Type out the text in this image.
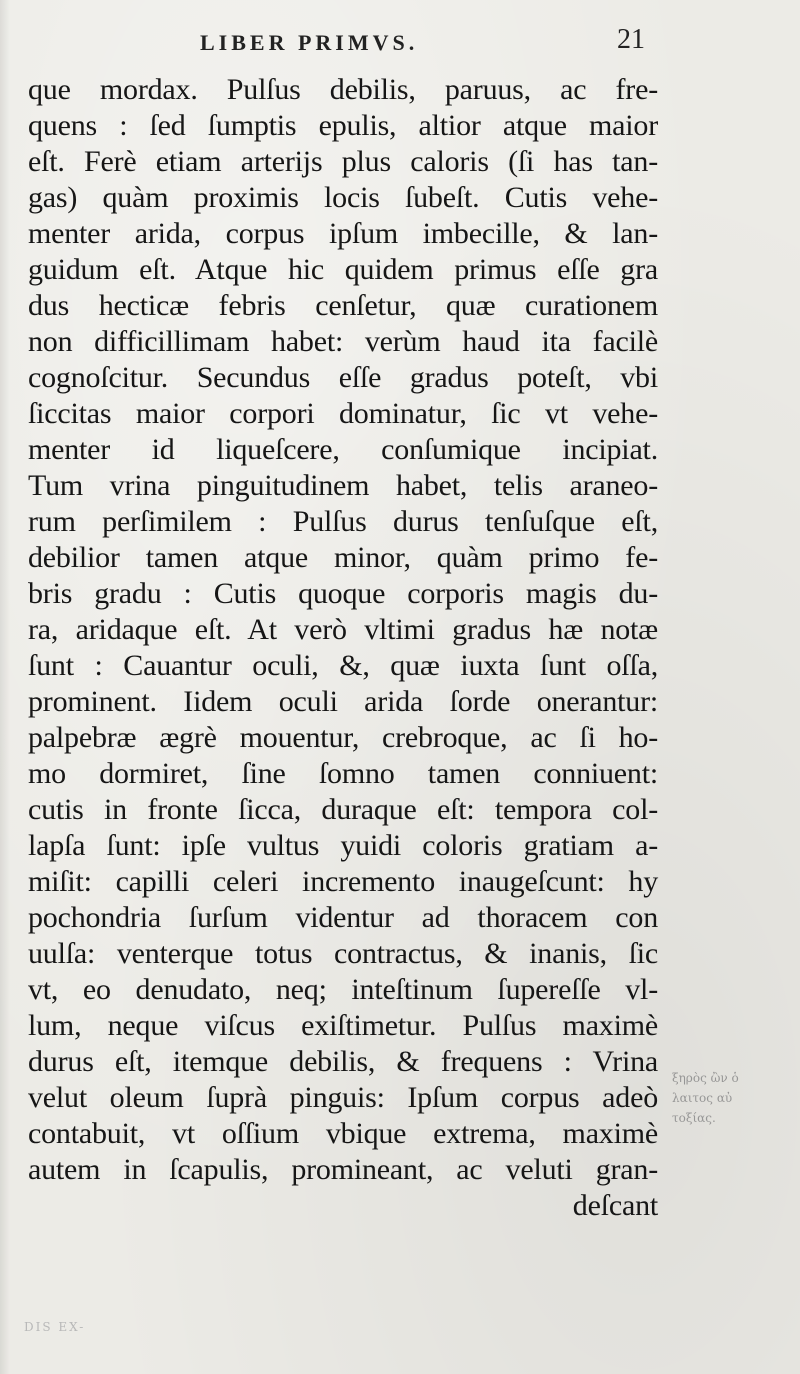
LIBER PRIMVS.	21
que mordax. Pulſus debilis, paruus, ac fre-
quens : ſed ſumptis epulis, altior atque maior
eſt. Ferè etiam arterijs plus caloris (ſi has tan-
gas) quàm proximis locis ſubeſt. Cutis vehe-
menter arida, corpus ipſum imbecille, & lan-
guidum eſt. Atque hic quidem primus eſſe gra
dus hecticæ febris cenſetur, quæ curationem
non difficillimam habet: verùm haud ita facilè
cognoſcitur. Secundus eſſe gradus poteſt, vbi
ſiccitas maior corpori dominatur, ſic vt vehe-
menter id liqueſcere, conſumique incipiat.
Tum vrina pinguitudinem habet, telis araneo-
rum perſimilem : Pulſus durus tenſuſque eſt,
debilior tamen atque minor, quàm primo fe-
bris gradu : Cutis quoque corporis magis du-
ra, aridaque eſt. At verò vltimi gradus hæ notæ
ſunt : Cauantur oculi, &, quæ iuxta ſunt oſſa,
prominent. Iidem oculi arida ſorde onerantur:
palpebræ ægrè mouentur, crebroque, ac ſi ho-
mo dormiret, ſine ſomno tamen conniuent:
cutis in fronte ſicca, duraque eſt: tempora col-
lapſa ſunt: ipſe vultus yuidi coloris gratiam a-
miſit: capilli celeri incremento inaugeſcunt: hy
pochondria ſurſum videntur ad thoracem con
uulſa: venterque totus contractus, & inanis, ſic
vt, eo denudato, neq; inteſtinum ſupereſſe vl-
lum, neque viſcus exiſtimetur. Pulſus maximè
durus eſt, itemque debilis, & frequens : Vrina
velut oleum ſuprà pinguis: Ipſum corpus adeò
contabuit, vt oſſium vbique extrema, maximè
autem in ſcapulis, promineant, ac veluti gran-
deſcant
ξηρὸς ὢν ὁ
λαιτος αὐ
τοξίας.
DIS EX-
